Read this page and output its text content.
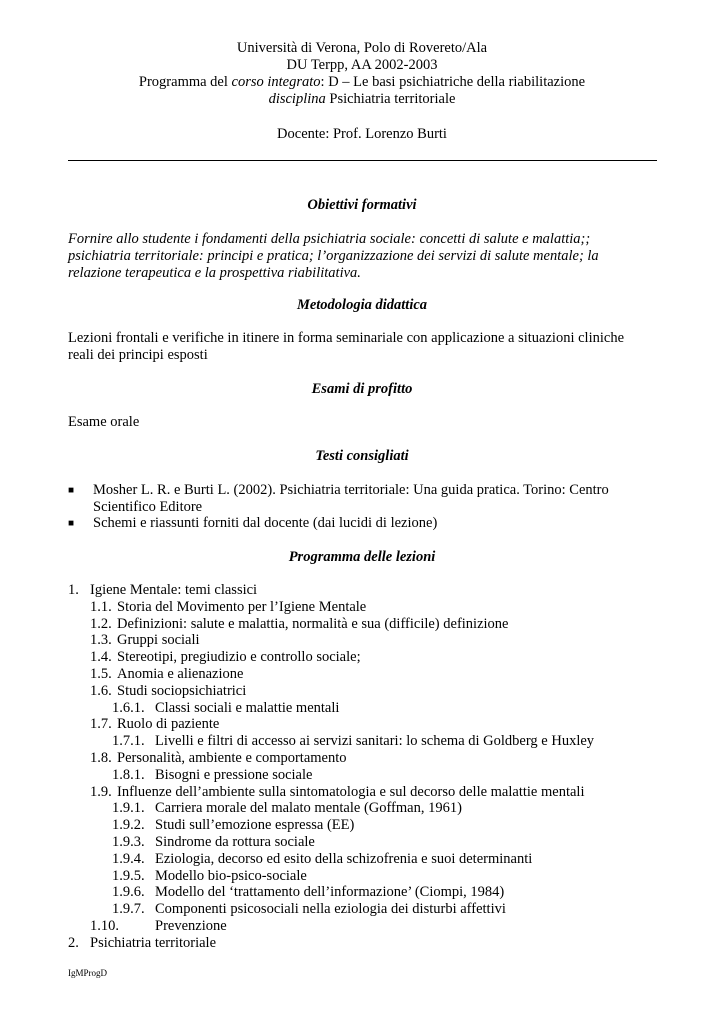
Università di Verona, Polo di Rovereto/Ala
DU Terpp, AA 2002-2003
Programma del corso integrato: D – Le basi psichiatriche della riabilitazione
disciplina Psichiatria territoriale
Docente: Prof. Lorenzo Burti
Obiettivi formativi
Fornire allo studente i fondamenti della psichiatria sociale: concetti di salute e malattia;;
psichiatria territoriale: principi e pratica; l’organizzazione dei servizi di salute mentale; la
relazione terapeutica e la prospettiva riabilitativa.
Metodologia didattica
Lezioni frontali e verifiche in itinere in forma seminariale con applicazione a situazioni cliniche
reali dei principi esposti
Esami di profitto
Esame orale
Testi consigliati
■ Mosher L. R. e Burti L. (2002). Psichiatria territoriale: Una guida pratica. Torino: Centro
Scientifico Editore
■ Schemi e riassunti forniti dal docente (dai lucidi di lezione)
Programma delle lezioni
1. Igiene Mentale: temi classici
1.1. Storia del Movimento per l’Igiene Mentale
1.2. Definizioni: salute e malattia, normalità e sua (difficile) definizione
1.3. Gruppi sociali
1.4. Stereotipi, pregiudizio e controllo sociale;
1.5. Anomia e alienazione
1.6. Studi sociopsichiatrici
1.6.1. Classi sociali e malattie mentali
1.7. Ruolo di paziente
1.7.1. Livelli e filtri di accesso ai servizi sanitari: lo schema di Goldberg e Huxley
1.8. Personalità, ambiente e comportamento
1.8.1. Bisogni e pressione sociale
1.9. Influenze dell’ambiente sulla sintomatologia e sul decorso delle malattie mentali
1.9.1. Carriera morale del malato mentale (Goffman, 1961)
1.9.2. Studi sull’emozione espressa (EE)
1.9.3. Sindrome da rottura sociale
1.9.4. Eziologia, decorso ed esito della schizofrenia e suoi determinanti
1.9.5. Modello bio-psico-sociale
1.9.6. Modello del ‘trattamento dell’informazione’ (Ciompi, 1984)
1.9.7. Componenti psicosociali nella eziologia dei disturbi affettivi
1.10. Prevenzione
2. Psichiatria territoriale
IgMProgD
